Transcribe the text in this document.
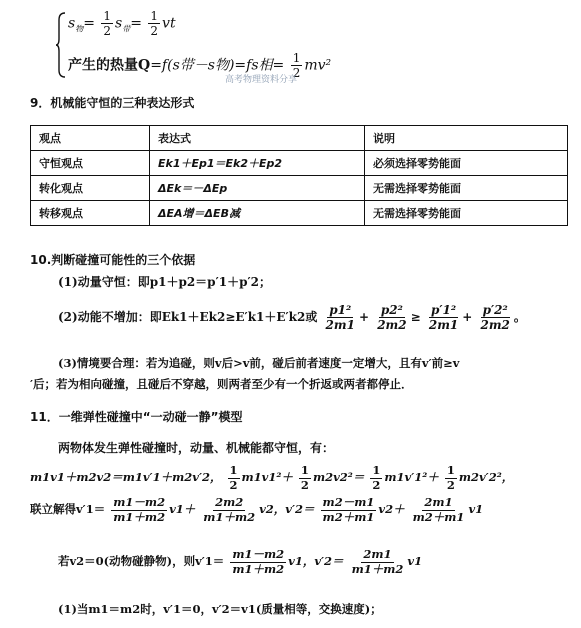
$s_物= \frac{1}{2} s_带= \frac{1}{2}$ vt
产生的热量Q=f(s带－s物)=fs相= $\frac{1}{2} mv^2$
高考物理资料分享
9．机械能守恒的三种表达形式
观点	表达式	说明
守恒观点	Ek1＋Ep1＝Ek2＋Ep2	必须选择零势能面
转化观点	ΔEk＝－ΔEp	无需选择零势能面
转移观点	ΔEA增＝ΔEB减	无需选择零势能面
10.判断碰撞可能性的三个依据
(1)动量守恒：即p1＋p2＝p′1＋p′2；
(2)动能不增加：即Ek1＋Ek2≥E′k1＋E′k2或 $\frac{\text{p1²}}{2m1} + \frac{\text{p2²}}{2m2} \ge \frac{\text{p′1²}}{2m1} + \frac{\text{p′2²}}{2m2}$ 。
(3)情境要合理：若为追碰，则v后>v前，碰后前者速度一定增大，且有v′前≥v
′后；若为相向碰撞，且碰后不穿越，则两者至少有一个折返或两者都停止．
11．一维弹性碰撞中“一动碰一静”模型
两物体发生弹性碰撞时，动量、机械能都守恒，有：
m1v1＋m2v2＝m1v′1＋m2v′2， $\frac{1}{2} m1v1^2+ \frac{1}{2} m2v2^2= \frac{1}{2} m1v'1^2+ \frac{1}{2} m2v'2^2$，
联立解得$v'1= \frac{m1-m2}{m1+m2} v1+ \frac{2m2}{m1+m2} v2$，$v'2= \frac{m2-m1}{m2+m1} v2+ \frac{2m1}{m2+m1} v1$
若v2＝0(动物碰静物)，则$v'1= \frac{m1-m2}{m1+m2} v1$，$v'2= \frac{2m1}{m1+m2} v1$
(1)当m1＝m2时，v′1＝0，v′2＝v1(质量相等，交换速度)；
